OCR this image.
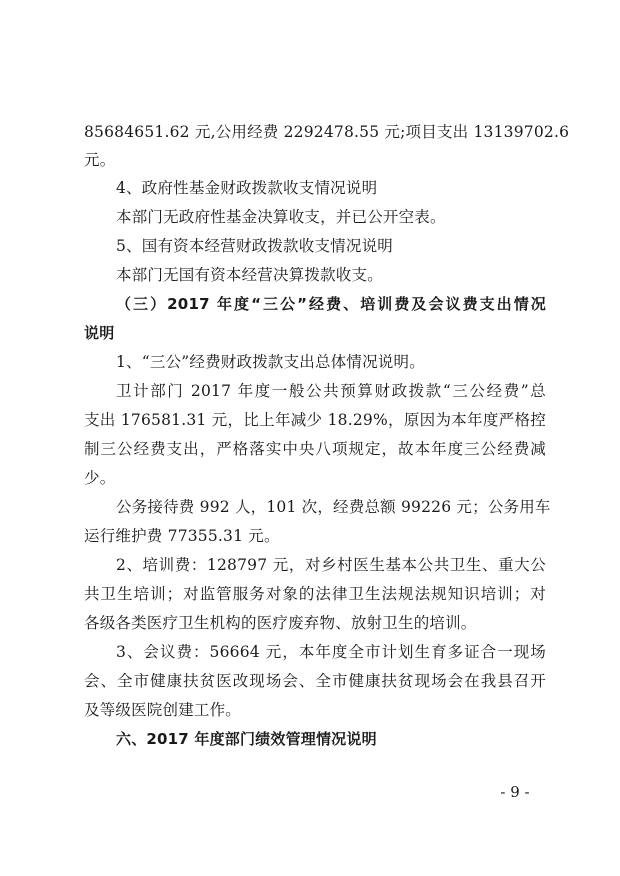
85684651.62 元,公用经费 2292478.55 元;项目支出 13139702.6
元。
4、政府性基金财政拨款收支情况说明
本部门无政府性基金决算收支，并已公开空表。
5、国有资本经营财政拨款收支情况说明
本部门无国有资本经营决算拨款收支。
（三）2017 年度“三公”经费、培训费及会议费支出情况
说明
1、“三公”经费财政拨款支出总体情况说明。
卫计部门 2017 年度一般公共预算财政拨款“三公经费”总
支出 176581.31 元，比上年减少 18.29%，原因为本年度严格控
制三公经费支出，严格落实中央八项规定，故本年度三公经费减
少。
公务接待费 992 人，101 次，经费总额 99226 元；公务用车
运行维护费 77355.31 元。
2、培训费：128797 元，对乡村医生基本公共卫生、重大公
共卫生培训；对监管服务对象的法律卫生法规法规知识培训；对
各级各类医疗卫生机构的医疗废弃物、放射卫生的培训。
3、会议费：56664 元，本年度全市计划生育多证合一现场
会、全市健康扶贫医改现场会、全市健康扶贫现场会在我县召开
及等级医院创建工作。
六、2017 年度部门绩效管理情况说明
- 9 -
